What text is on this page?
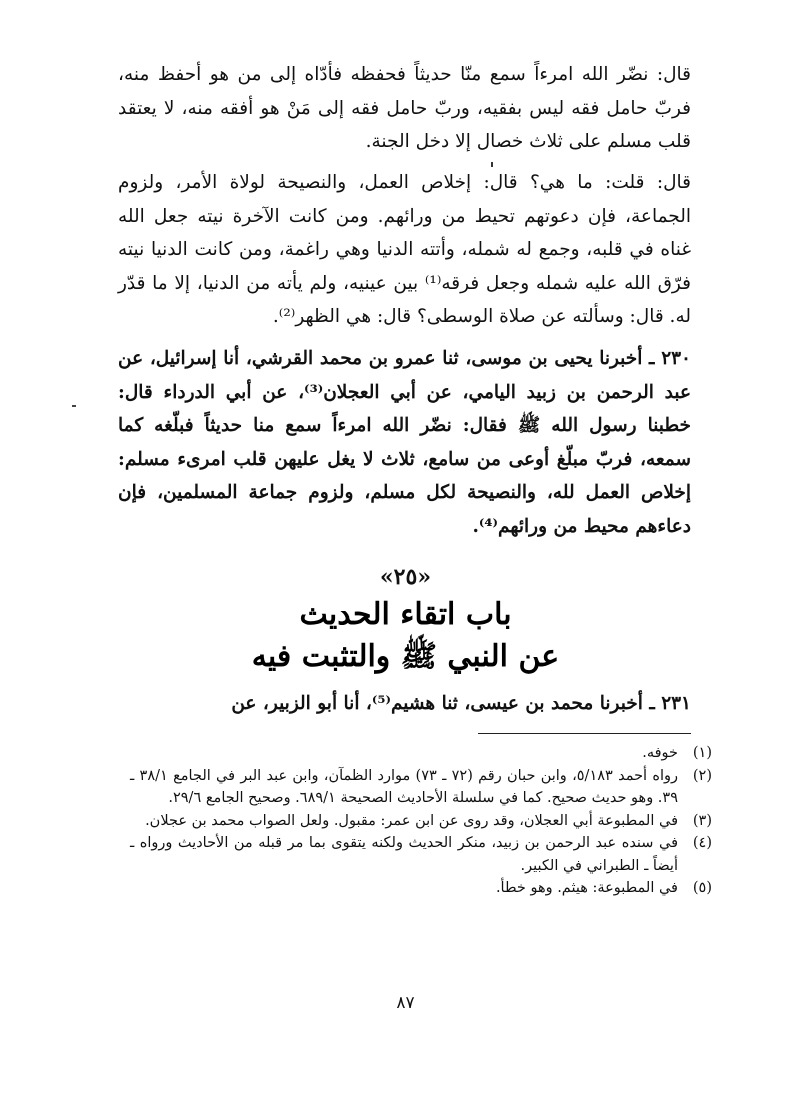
قال: نضّر الله امرءاً سمع منّا حديثاً فحفظه فأدّاه إلى من هو أحفظ منه، فربّ حامل فقه ليس بفقيه، وربّ حامل فقه إلى مَنْ هو أفقه منه، لا يعتقد قلب مسلم على ثلاث خصال إلا دخل الجنة.

قال: قلت: ما هي؟ قال: إخلاص العمل، والنصيحة لولاة الأمر، ولزوم الجماعة، فإن دعوتهم تحيط من ورائهم. ومن كانت الآخرة نيته جعل الله غناه في قلبه، وجمع له شمله، وأتته الدنيا وهي راغمة، ومن كانت الدنيا نيته فرّق الله عليه شمله وجعل فرقه⁽¹⁾ بين عينيه، ولم يأته من الدنيا، إلا ما قدّر له. قال: وسألته عن صلاة الوسطى؟ قال: هي الظهر⁽²⁾.

٢٣٠ ـ أخبرنا يحيى بن موسى، ثنا عمرو بن محمد القرشي، أنا إسرائيل، عن عبد الرحمن بن زبيد اليامي، عن أبي العجلان⁽³⁾، عن أبي الدرداء قال: خطبنا رسول الله ﷺ فقال: نضّر الله امرءاً سمع منا حديثاً فبلّغه كما سمعه، فربّ مبلّغ أوعى من سامع، ثلاث لا يغل عليهن قلب امرىء مسلم: إخلاص العمل لله، والنصيحة لكل مسلم، ولزوم جماعة المسلمين، فإن دعاءهم محيط من ورائهم⁽⁴⁾.

«٢٥»
باب اتقاء الحديث
عن النبي ﷺ والتثبت فيه

٢٣١ ـ أخبرنا محمد بن عيسى، ثنا هشيم⁽⁵⁾، أنا أبو الزبير، عن

(١)
خوفه.
(٢)
رواه أحمد ٥/١٨٣، وابن حبان رقم (٧٢ ـ ٧٣) موارد الظمآن، وابن عبد البر في الجامع ٣٨/١ ـ ٣٩. وهو حديث صحيح. كما في سلسلة الأحاديث الصحيحة ٦٨٩/١. وصحيح الجامع ٢٩/٦.
(٣)
في المطبوعة أبي العجلان، وقد روى عن ابن عمر: مقبول. ولعل الصواب محمد بن عجلان.
(٤)
في سنده عبد الرحمن بن زبيد، منكر الحديث ولكنه يتقوى بما مر قبله من الأحاديث ورواه ـ أيضاً ـ الطبراني في الكبير.
(٥)
في المطبوعة: هيثم. وهو خطأ.
٨٧
